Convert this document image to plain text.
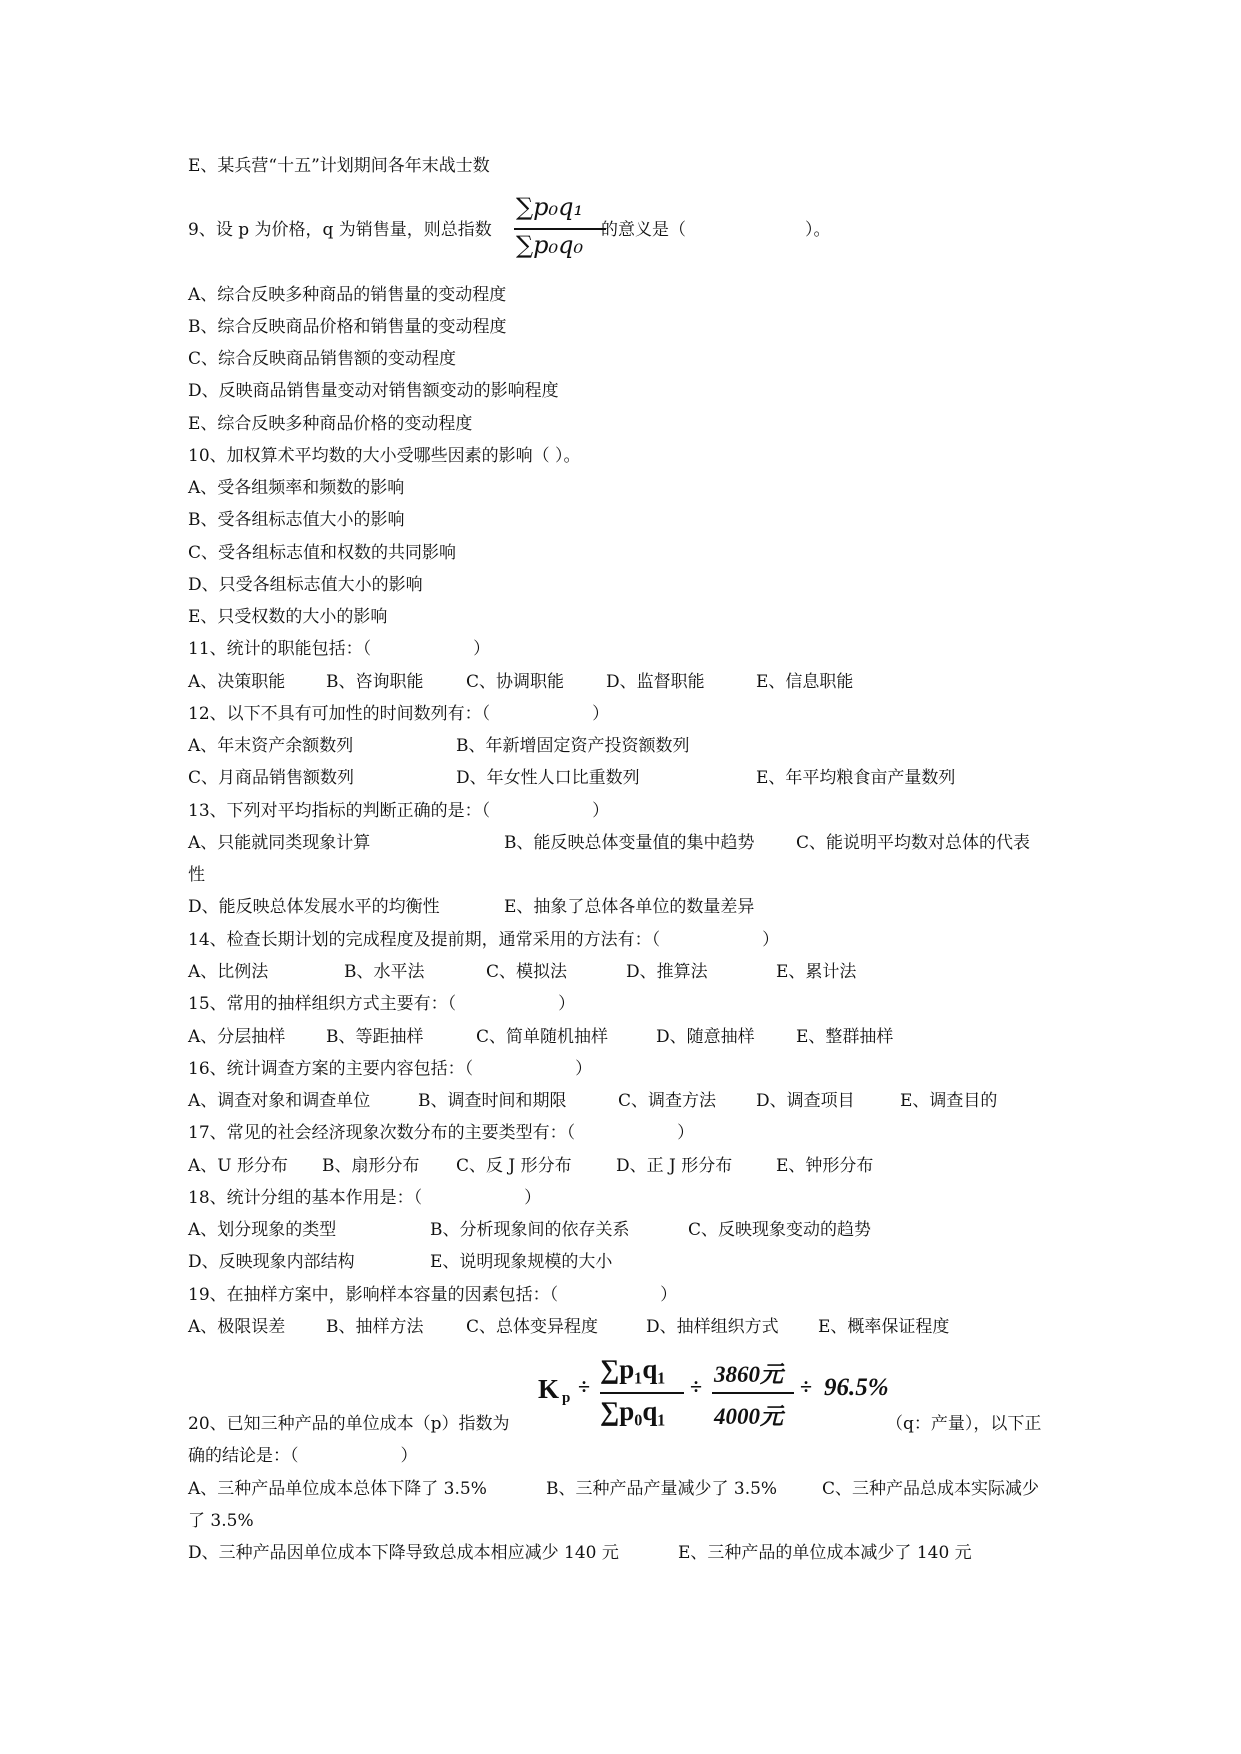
E、某兵营“十五”计划期间各年末战士数
9、设 p 为价格，q 为销售量，则总指数
∑p₀q₁
∑p₀q₀
的意义是（　　　　　　　）。
A、综合反映多种商品的销售量的变动程度
B、综合反映商品价格和销售量的变动程度
C、综合反映商品销售额的变动程度
D、反映商品销售量变动对销售额变动的影响程度
E、综合反映多种商品价格的变动程度
10、加权算术平均数的大小受哪些因素的影响（ ）。
A、受各组频率和频数的影响
B、受各组标志值大小的影响
C、受各组标志值和权数的共同影响
D、只受各组标志值大小的影响
E、只受权数的大小的影响
11、统计的职能包括：（　　　　　　）
A、决策职能 B、咨询职能	C、协调职能 D、监督职能	E、信息职能
12、以下不具有可加性的时间数列有：（　　　　　　）
A、年末资产余额数列	B、年新增固定资产投资额数列
C、月商品销售额数列	D、年女性人口比重数列	E、年平均粮食亩产量数列
13、下列对平均指标的判断正确的是：（　　　　　　）
A、只能就同类现象计算	B、能反映总体变量值的集中趋势 C、能说明平均数对总体的代表
性
D、能反映总体发展水平的均衡性	E、抽象了总体各单位的数量差异
14、检查长期计划的完成程度及提前期，通常采用的方法有：（　　　　　　）
A、比例法	B、水平法	C、模拟法	D、推算法	E、累计法
15、常用的抽样组织方式主要有：（　　　　　　）
A、分层抽样 B、等距抽样	C、简单随机抽样	D、随意抽样 E、整群抽样
16、统计调查方案的主要内容包括：（　　　　　　）
A、调查对象和调查单位	B、调查时间和期限	C、调查方法 D、调查项目	E、调查目的
17、常见的社会经济现象次数分布的主要类型有：（　　　　　　）
A、U 形分布 B、扇形分布 C、反 J 形分布	D、正 J 形分布	E、钟形分布
18、统计分组的基本作用是：（　　　　　　）
A、划分现象的类型	B、分析现象间的依存关系	C、反映现象变动的趋势
D、反映现象内部结构	E、说明现象规模的大小
19、在抽样方案中，影响样本容量的因素包括：（　　　　　　）
A、极限误差 B、抽样方法	C、总体变异程度	D、抽样组织方式 E、概率保证程度
K p ÷
∑p₁q₁
∑p₀q₁
÷ 3860元
4000元
÷ 96.5%
20、已知三种产品的单位成本（p）指数为	（q：产量），以下正
确的结论是：（　　　　　　）
A、三种产品单位成本总体下降了 3.5%	B、三种产品产量减少了 3.5%	C、三种产品总成本实际减少
了 3.5%
D、三种产品因单位成本下降导致总成本相应减少 140 元	E、三种产品的单位成本减少了 140 元
